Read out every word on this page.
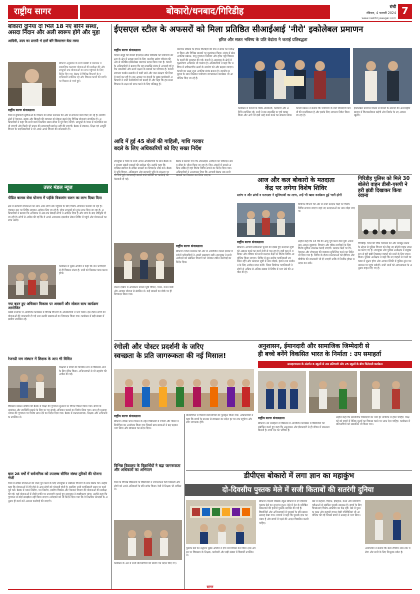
राष्ट्रीय सागर	बोकारो/धनबाद/गिरिडीह
रांची
रविवार, 4 फरवरी 2024
www.rashtriyasagar.com
7
बोकारो दुनिया दो भिले 18 नए बोरेने संस्था, असदा निदान और अली स्वरूप होगे और मुहा
आदिवी, उदय का प्रतापी भे हालें बोरे किसानार बेठा तस्या
बोकारो अनुमंडल के सभी प्रखंडों में प्रशासन ने सामाजिक कल्याण योजनाओं की समीक्षा की और लाभुकों तक योजनाओं का लाभ पहुंचाने के लिए निर्देश दिए गए। बैठक में विभिन्न विभागों के पदाधिकारी उपस्थित रहे और विकास कार्यों की प्रगति पर विस्तार से चर्चा हुई।
राष्ट्रीय सागर संवाददाता
जिले में बुनियादी सुविधाओं के विस्तार को लेकर प्रशासन की ओर से लगातार कार्य किए जा रहे हैं। ग्रामीण क्षेत्रों में पेयजल, सड़क और बिजली की व्यवस्था को बेहतर बनाने हेतु विभिन्न योजनाएं संचालित हैं। अधिकारियों ने कहा कि सभी कार्य निर्धारित समय सीमा में पूरे किए जाएंगे। लाभुकों के चयन में पारदर्शिता बरती जाएगी और किसी भी प्रकार की लापरवाही बर्दाश्त नहीं की जाएगी। बैठक में स्वास्थ्य, शिक्षा एवं आपूर्ति विभाग के पदाधिकारियों ने भी अपने अपने विभाग की जानकारी दी।
उत्तर मंडल न्यूज
पीडित बालक सेवा योजना में पहीके विकलांग राशन का लाभ दिखा दिया
क्षेत्र में सरकारी योजनाओं का लाभ आम लोगों तक पहुंचाने के लिए विशेष अभियान चलाया जा रहा है। पंचायत स्तर पर शिविर लगाकर आवेदन लिए जा रहे हैं। योग्य लाभुकों को तुरंत लाभ दिया जा रहा है। अधिकारियों ने बताया कि अभियान में अब तक सैकड़ों लोगों ने आवेदन दिया है और जांच के बाद स्वीकृति दी जा रही है। लोगों से अपील की गई कि वे अपने आवश्यक दस्तावेज लेकर शिविर में पहुंचे और योजनाओं का लाभ उठाएं।
कार्यक्रम में मुख्य अतिथि ने कहा कि जन भागीदारी से ही विकास संभव है। सभी को मिलकर काम करना होगा।
नया बदन हुए अधिकार विकास पर अवसरों और सोशल साथ कार्यक्रम आयोजित
प्रखंड सभागार में आयोजित कार्यक्रम में विभिन्न विभागों के अधिकारियों ने भाग लिया। इस दौरान लोगों को योजनाओं की जानकारी दी गई तथा उनकी समस्याओं का निष्पादन किया गया। कार्यक्रम में बड़ी संख्या में ग्रामीण उपस्थित रहे।
रेजनडी जम संस्थान में शिक्षक के आप भी विसित
शिक्षकों ने बच्चों को नियमित रूप से विद्यालय आने के लिए प्रेरित किया। अभिभावकों से भी सहयोग की अपील की गई।
विद्यालय प्रबंधन समिति की बैठक में शिक्षा की गुणवत्ता सुधारने पर विचार विमर्श किया गया। बच्चों के नामांकन और उपस्थिति बढ़ाने के लिए घर घर संपर्क अभियान चलाने का निर्णय लिया गया। साथ ही मध्याह्न भोजन की गुणवत्ता पर विशेष ध्यान देने का निर्देश दिया गया। बैठक में प्रधानाध्यापक, शिक्षक और अभिभावक उपस्थित थे।
बाल 28 वर्षों में सर्वजनिक को उपलब्ध सीमित संस्था तुरिकों की योजना भेजी
जिले में लंबित योजनाओं को जल्द पूरा करने के लिए उपायुक्त ने संबंधित विभागों के साथ बैठक की। उन्होंने कहा कि योजनाओं में देरी होने से आम लोगों को परेशानी होती है, इसलिए सभी पदाधिकारी समय पर कार्य पूरा करें। बैठक में भवन निर्माण, पथ निर्माण, ग्रामीण विकास और पेयजल विभाग की योजनाओं की समीक्षा की गई। कई योजनाओं में धीमी प्रगति पर नाराजगी जताते हुए उपायुक्त ने स्पष्टीकरण मांगा। उन्होंने कहा कि गुणवत्ता से कोई समझौता नहीं किया जाएगा। संवेदकों को भी निर्देश दिया गया कि वे निर्धारित मापदंडों के अनुसार ही कार्य करें अन्यथा कार्रवाई की जाएगी।
ईएसएल स्टील के अफसरों को मिला प्रतिष्ठित सीआईआई 'नीरो' इकोलेबल प्रमाणन
हरित और सतत भविष्य के प्रति वेदांता ने जताई प्रतिबद्धता
राष्ट्रीय सागर संवाददाता
वेदांता समूह की कंपनी ईएसएल स्टील लिमिटेड को पर्यावरण संरक्षण के क्षेत्र में उत्कृष्ट कार्य के लिए भारतीय उद्योग परिसंघ की ओर से प्रतिष्ठित इकोलेबल प्रमाणन प्रदान किया गया है। कंपनी के अधिकारियों ने बताया कि यह उपलब्धि संयंत्र में अपनाई गई हरित तकनीकों और ऊर्जा दक्षता के प्रयासों का परिणाम है। कंपनी लगातार कार्बन उत्सर्जन में कमी लाने और जल संरक्षण की दिशा में कार्य कर रही है। इस अवसर पर कंपनी के मुख्य कार्यकारी अधिकारी ने सभी कर्मचारियों को बधाई दी और कहा कि हम सतत विकास के लक्ष्य को प्राप्त करने के लिए प्रतिबद्ध हैं।
प्रमाणन प्रक्रिया के दौरान विशेषज्ञों की टीम ने संयंत्र का निरीक्षण किया और विभिन्न मानकों पर मूल्यांकन किया। संयंत्र में ठोस अपशिष्ट प्रबंधन, वायु गुणवत्ता नियंत्रण और हरित पट्टी विकास के कार्यों की सराहना की गई। कंपनी ने आसपास के क्षेत्रों में वृक्षारोपण अभियान भी चलाया है। अधिकारियों ने कहा कि भविष्य में नवीकरणीय ऊर्जा के उपयोग को और बढ़ाया जाएगा। कंपनी का लक्ष्य शून्य अपशिष्ट संयंत्र बनाना है। स्थानीय समुदाय के साथ मिलकर पर्यावरण जागरूकता कार्यक्रम भी आयोजित किए जा रहे हैं।
कार्यक्रम में कंपनी के वरिष्ठ अधिकारी, कर्मचारी और अतिथि उपस्थित रहे। सभी ने इस उपलब्धि पर हर्ष व्यक्त किया और आगे भी इसी तरह कार्य करने का संकल्प लिया।
कंपनी प्रबंधन ने बताया कि पर्यावरण के प्रति जिम्मेदारी कंपनी की प्राथमिकता है और इसके लिए लगातार निवेश किया जा रहा है।
इकोलेबल प्रमाणन मिलने से कंपनी के उत्पादों की अंतरराष्ट्रीय बाजार में विश्वसनीयता बढ़ेगी और निर्यात के नए अवसर खुलेंगे।
आदि में हुई 45 बोलों की गाहिली, गाथि गरवार
बदले के लिए अधिकारियों को दिए सख्त निर्देश
उपायुक्त ने जिले के सभी अंचल अधिकारियों के साथ बैठक कर राजस्व संबंधी मामलों की समीक्षा की। उन्होंने कहा कि दाखिल खारिज के लंबित मामलों का निष्पादन शीघ्र करें। बैठक में भूमि विवाद, अतिक्रमण और सरकारी भूमि के संरक्षण पर भी चर्चा हुई। लापरवाही बरतने वाले कर्मियों पर कार्रवाई की चेतावनी दी गई।
बैठक में बताया गया कि ऑनलाइन आवेदनों का निष्पादन समय सीमा के भीतर किया जा रहा है। जिन अंचलों में मामले अधिक लंबित हैं वहां विशेष शिविर लगाने का निर्देश दिया गया। अधिकारियों ने आश्वासन दिया कि आगामी बैठक तक सभी मामलों का निपटारा कर लिया जाएगा।
राष्ट्रीय सागर संवाददाता
बोकारो। जिला प्रशासन की ओर से आयोजित जनता दरबार में दर्जनों फरियादियों ने अपनी समस्याएं रखीं। उपायुक्त ने सभी आवेदनों को संबंधित विभागों को भेजकर त्वरित कार्रवाई का निर्देश दिया।
जनता दरबार में अधिकतर मामले भूमि विवाद, पेंशन, राशन कार्ड और आवास योजना से संबंधित थे। कई मामलों का मौके पर ही निष्पादन किया गया।
आज और कल बोकारो के मतदाता
केंद्र पर लगेगा विशेष शिविर
प्रारंभ व और ढांचों व मतदाता ने सुविधाओं का लाभ, उन्हें भी खास कार्यक्रम हुई भारी होगी
निर्वाचन विभाग की ओर से सभी मतदान केंद्रों पर विशेष शिविर लगाया जाएगा जहां नए मतदाताओं का नाम जोड़ा जाएगा।
राष्ट्रीय सागर संवाददाता
बोकारो। आगामी लोकसभा चुनाव को देखते हुए मतदाता सूची को अद्यतन करने का कार्य तेजी से चल रहा है। इसी क्रम में शनिवार और रविवार को सभी मतदान केंद्रों पर विशेष शिविर आयोजित किया जाएगा। शिविर में बूथ स्तरीय पदाधिकारी उपस्थित रहेंगे और मतदाता सूची में नाम जोड़ने, हटाने तथा संशोधन के लिए आवेदन प्राप्त करेंगे। जिला निर्वाचन पदाधिकारी ने लोगों से अधिक से अधिक संख्या में शिविर में भाग लेने की अपील की है।
उन्होंने कहा कि 18 वर्ष की आयु पूरी करने वाले युवा अपना नाम अवश्य जुड़वाएं। दिव्यांग और वरिष्ठ नागरिकों के लिए विशेष सुविधा उपलब्ध कराई जाएगी। मतदान केंद्रों पर रैंप, पेयजल और शौचालय की व्यवस्था सुनिश्चित करने का निर्देश भी दिया गया है। शिविर के दौरान मतदाताओं को ईवीएम और वीवीपैट की जानकारी भी दी जाएगी ताकि वे निर्भीक होकर मतदान कर सकें।
गिरिडीह पुलिस को मिले 30 बोलेरो वाहन डीसी-एसपी ने हरी झंडी दिखाकर किया रवाना
गिरिडीह। जिले की विधि व्यवस्था को और मजबूत बनाने के उद्देश्य से पुलिस विभाग को तीस नए बोलेरो वाहन उपलब्ध कराए गए हैं। उपायुक्त और पुलिस अधीक्षक ने संयुक्त रूप से हरी झंडी दिखाकर वाहनों को थानों के लिए रवाना किया। पुलिस अधीक्षक ने कहा कि नए वाहनों से गश्ती व्यवस्था में सुधार होगा और आपात स्थिति में पुलिस तुरंत घटनास्थल पर पहुंच सकेगी। सभी थानों को आवश्यकता के अनुसार वाहन दिए गए हैं।
रंगोली और पोस्टर प्रदर्शनी के जरिए
स्वच्छता के प्रति जागरूकता की नई मिसाल!
राष्ट्रीय सागर संवाददाता
बोकारो। स्वच्छ भारत मिशन के तहत विद्यालयों में रंगोली और पोस्टर प्रतियोगिता का आयोजन किया गया जिसमें छात्र छात्राओं ने बढ़ चढ़कर भाग लिया और स्वच्छता का संदेश दिया।
प्रतियोगिता में विजयी प्रतिभागियों को पुरस्कृत किया गया। अधिकारियों ने कहा कि बच्चों के माध्यम से स्वच्छता का संदेश हर घर तक पहुंचेगा और लोग जागरूक होंगे।
विभिन्न विद्यालय के विद्यार्थियों ने बढ़ा जागरूकता और अधिकारों का अभियान
जिले के विभिन्न विद्यालयों के विद्यार्थियों ने जागरूकता रैली निकाली और लोगों को अपने अधिकारों के प्रति सचेत किया। रैली में शिक्षक भी शामिल थे।
अनुशासन, ईमानदारी और सामाजिक जिम्मेदारी से
ही बच्चे बनेंगे विकसित भारत के निर्माता : उप समाहर्ता
समाहरणालय के अंतर्गत 6 स्कूलों से 20 प्रतिभागी और 25 स्कूलों के बीच चितेराली कार्यक्रम
राष्ट्रीय सागर संवाददाता
बोकारो। उप समाहर्ता ने विद्यालय में आयोजित कार्यक्रम में विद्यार्थियों को संबोधित करते हुए कहा कि अनुशासन और ईमानदारी से ही जीवन में सफलता मिलती है। बच्चे देश का भविष्य हैं।
उन्होंने कहा कि सामाजिक जिम्मेदारी का भाव हर नागरिक में होना चाहिए। शिक्षकों को बच्चों में नैतिक मूल्यों का विकास करने पर ध्यान देना चाहिए। कार्यक्रम में प्रतिभागियों को सम्मानित भी किया गया।
डीपीएस बोकारो में लगा ज्ञान का महाकुंभ
दो-दिवसीय पुस्तक मेले में सजी किताबों की सतरंगी दुनिया
बोकारो। दिल्ली पब्लिक स्कूल बोकारो में दो दिवसीय पुस्तक मेले का शुभारंभ हुआ। मेले में देश के प्रतिष्ठित प्रकाशकों की हजारों पुस्तकें प्रदर्शित की गई हैं। विद्यार्थियों और अभिभावकों में पुस्तकों के प्रति खासा उत्साह देखा गया। प्राचार्य ने कहा कि पुस्तकें ज्ञान का भंडार हैं और बच्चों में पढ़ने की आदत विकसित करनी चाहिए।
मेले में कहानी, विज्ञान, इतिहास, कला और प्रतियोगी परीक्षाओं से संबंधित पुस्तकें उपलब्ध हैं। बच्चों के लिए चित्रकथाएं विशेष आकर्षण का केंद्र रहीं। मेले में पुस्तक पठन और कहानी वाचन जैसी गतिविधियां भी आयोजित की गईं जिसमें बच्चों ने उत्साह से भाग लिया।
आयोजकों ने बताया कि मेला रविवार शाम तक चलेगा और सभी के लिए निःशुल्क प्रवेश है।
पुस्तक मेले का उद्घाटन मुख्य अतिथि ने दीप प्रज्ज्वलित कर किया। इस अवसर पर विद्यालय के शिक्षक, कर्मचारी और बड़ी संख्या में विद्यार्थी उपस्थित थे।
कार्यक्रम के अंत में सभी प्रतिभागियों को प्रमाण पत्र प्रदान किए गए।
सागर
